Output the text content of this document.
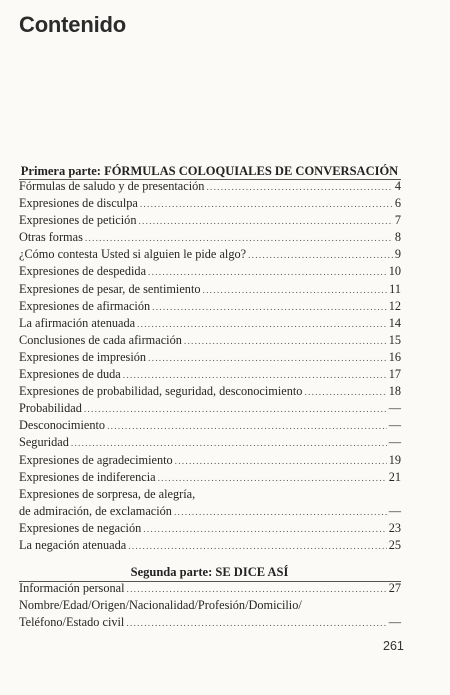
Contenido
Primera parte: FÓRMULAS COLOQUIALES DE CONVERSACIÓN
Fórmulas de saludo y de presentación .....	4
Expresiones de disculpa .....	6
Expresiones de petición .....	7
Otras formas .....	8
¿Cómo contesta Usted si alguien le pide algo? .....	9
Expresiones de despedida .....	10
Expresiones de pesar, de sentimiento .....	11
Expresiones de afirmación .....	12
La afirmación atenuada .....	14
Conclusiones de cada afirmación .....	15
Expresiones de impresión .....	16
Expresiones de duda .....	17
Expresiones de probabilidad, seguridad, desconocimiento .....	18
Probabilidad .....	—
Desconocimiento .....	—
Seguridad .....	—
Expresiones de agradecimiento .....	19
Expresiones de indiferencia .....	21
Expresiones de sorpresa, de alegría,
de admiración, de exclamación .....	—
Expresiones de negación .....	23
La negación atenuada .....	25
Segunda parte: SE DICE ASÍ
Información personal .....	27
Nombre/Edad/Origen/Nacionalidad/Profesión/Domicilio/
Teléfono/Estado civil .....	—
261
